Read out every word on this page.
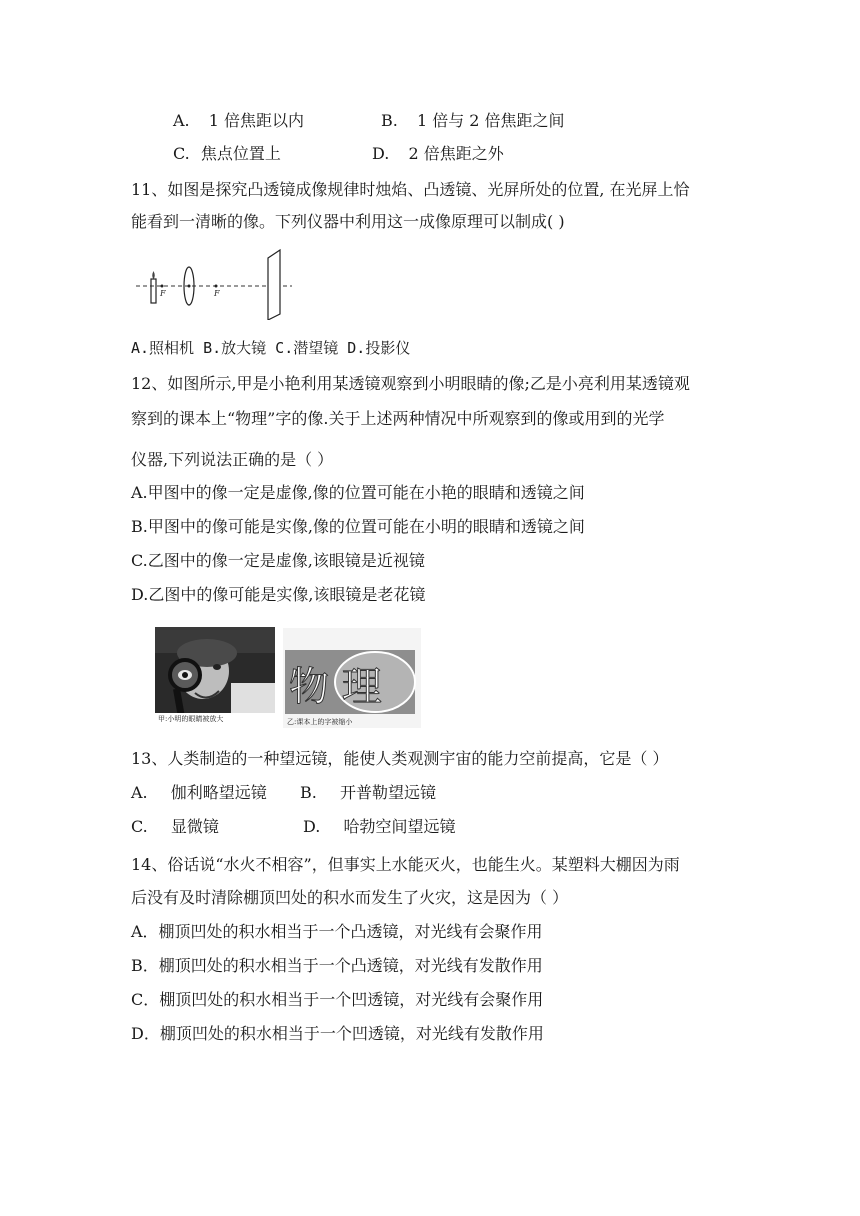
A. 1 倍焦距以内	B. 1 倍与 2 倍焦距之间
C. 焦点位置上	D. 2 倍焦距之外
11、如图是探究凸透镜成像规律时烛焰、凸透镜、光屏所处的位置, 在光屏上恰
能看到一清晰的像。下列仪器中利用这一成像原理可以制成( )
F	F
A.照相机 B.放大镜 C.潜望镜 D.投影仪
12、如图所示,甲是小艳利用某透镜观察到小明眼睛的像;乙是小亮利用某透镜观
察到的课本上“物理”字的像.关于上述两种情况中所观察到的像或用到的光学
仪器,下列说法正确的是（ ）
A.甲图中的像一定是虚像,像的位置可能在小艳的眼睛和透镜之间
B.甲图中的像可能是实像,像的位置可能在小明的眼睛和透镜之间
C.乙图中的像一定是虚像,该眼镜是近视镜
D.乙图中的像可能是实像,该眼镜是老花镜
甲:小明的眼睛被放大
物 理
乙:课本上的字被缩小
13、人类制造的一种望远镜，能使人类观测宇宙的能力空前提高，它是（ ）
A. 伽利略望远镜 B. 开普勒望远镜
C. 显微镜	D. 哈勃空间望远镜
14、俗话说“水火不相容”，但事实上水能灭火，也能生火。某塑料大棚因为雨
后没有及时清除棚顶凹处的积水而发生了火灾，这是因为（ ）
A．棚顶凹处的积水相当于一个凸透镜，对光线有会聚作用
B．棚顶凹处的积水相当于一个凸透镜，对光线有发散作用
C．棚顶凹处的积水相当于一个凹透镜，对光线有会聚作用
D．棚顶凹处的积水相当于一个凹透镜，对光线有发散作用
